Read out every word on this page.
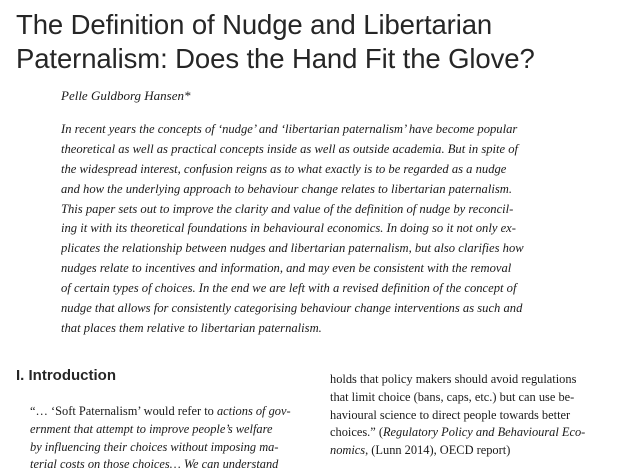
The Definition of Nudge and Libertarian
Paternalism: Does the Hand Fit the Glove?
Pelle Guldborg Hansen*
In recent years the concepts of ‘nudge’ and ‘libertarian paternalism’ have become popular
theoretical as well as practical concepts inside as well as outside academia. But in spite of
the widespread interest, confusion reigns as to what exactly is to be regarded as a nudge
and how the underlying approach to behaviour change relates to libertarian paternalism.
This paper sets out to improve the clarity and value of the definition of nudge by reconcil-
ing it with its theoretical foundations in behavioural economics. In doing so it not only ex-
plicates the relationship between nudges and libertarian paternalism, but also clarifies how
nudges relate to incentives and information, and may even be consistent with the removal
of certain types of choices. In the end we are left with a revised definition of the concept of
nudge that allows for consistently categorising behaviour change interventions as such and
that places them relative to libertarian paternalism.
I. Introduction
“… ‘Soft Paternalism’ would refer to actions of gov-
ernment that attempt to improve people’s welfare
by influencing their choices without imposing ma-
terial costs on those choices… We can understand
holds that policy makers should avoid regulations
that limit choice (bans, caps, etc.) but can use be-
havioural science to direct people towards better
choices.” (Regulatory Policy and Behavioural Eco-
nomics, (Lunn 2014), OECD report)
